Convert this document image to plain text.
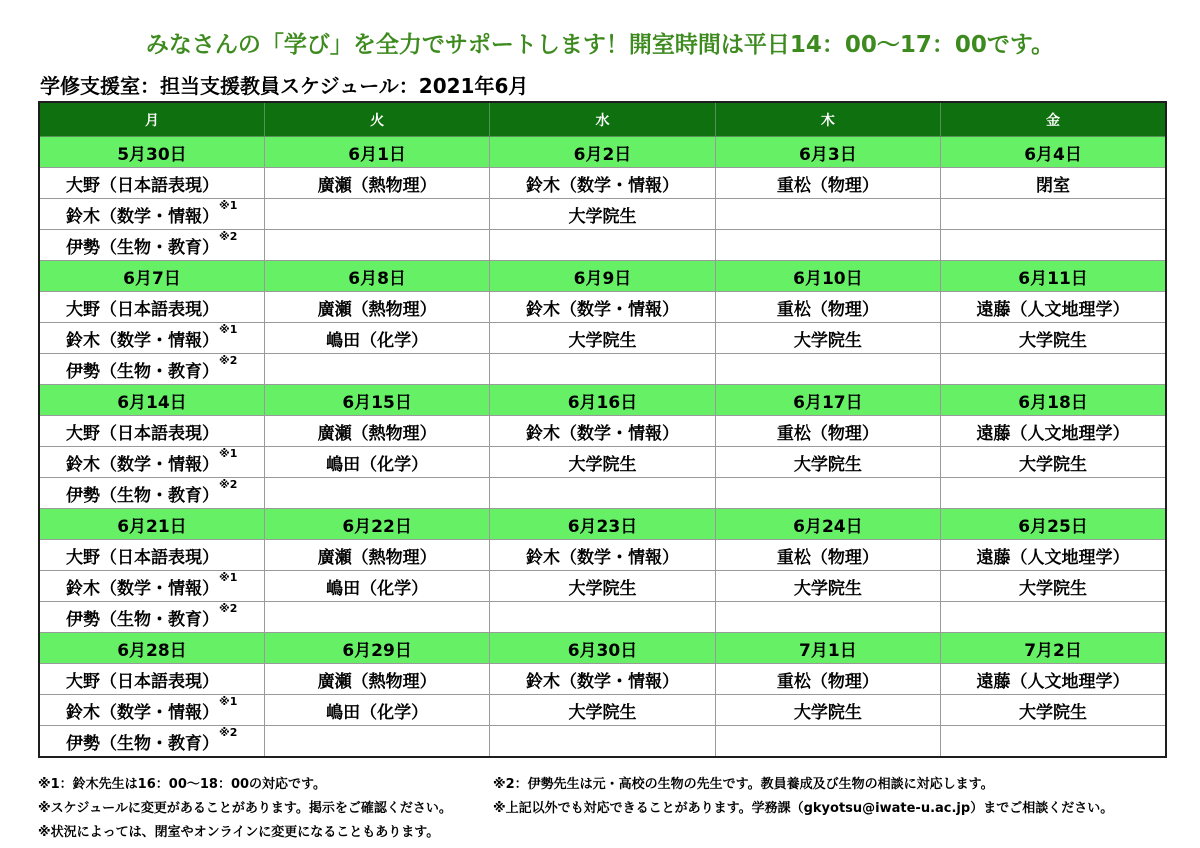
みなさんの「学び」を全力でサポートします！開室時間は平日14：00～17：00です。
学修支援室：担当支援教員スケジュール：2021年6月
月	火	水	木	金
5月30日	6月1日	6月2日	6月3日	6月4日
大野（日本語表現）	廣瀬（熱物理）	鈴木（数学・情報）	重松（物理）	閉室
鈴木（数学・情報）$^{※1}$		大学院生		
伊勢（生物・教育）$^{※2}$				
6月7日	6月8日	6月9日	6月10日	6月11日
大野（日本語表現）	廣瀬（熱物理）	鈴木（数学・情報）	重松（物理）	遠藤（人文地理学）
鈴木（数学・情報）$^{※1}$	嶋田（化学）	大学院生	大学院生	大学院生
伊勢（生物・教育）$^{※2}$				
6月14日	6月15日	6月16日	6月17日	6月18日
大野（日本語表現）	廣瀬（熱物理）	鈴木（数学・情報）	重松（物理）	遠藤（人文地理学）
鈴木（数学・情報）$^{※1}$	嶋田（化学）	大学院生	大学院生	大学院生
伊勢（生物・教育）$^{※2}$				
6月21日	6月22日	6月23日	6月24日	6月25日
大野（日本語表現）	廣瀬（熱物理）	鈴木（数学・情報）	重松（物理）	遠藤（人文地理学）
鈴木（数学・情報）$^{※1}$	嶋田（化学）	大学院生	大学院生	大学院生
伊勢（生物・教育）$^{※2}$				
6月28日	6月29日	6月30日	7月1日	7月2日
大野（日本語表現）	廣瀬（熱物理）	鈴木（数学・情報）	重松（物理）	遠藤（人文地理学）
鈴木（数学・情報）$^{※1}$	嶋田（化学）	大学院生	大学院生	大学院生
伊勢（生物・教育）$^{※2}$				
※1：鈴木先生は16：00～18：00の対応です。	※2：伊勢先生は元・高校の生物の先生です。教員養成及び生物の相談に対応します。
※スケジュールに変更があることがあります。掲示をご確認ください。	※上記以外でも対応できることがあります。学務課（gkyotsu@iwate-u.ac.jp）までご相談ください。
※状況によっては、閉室やオンラインに変更になることもあります。
